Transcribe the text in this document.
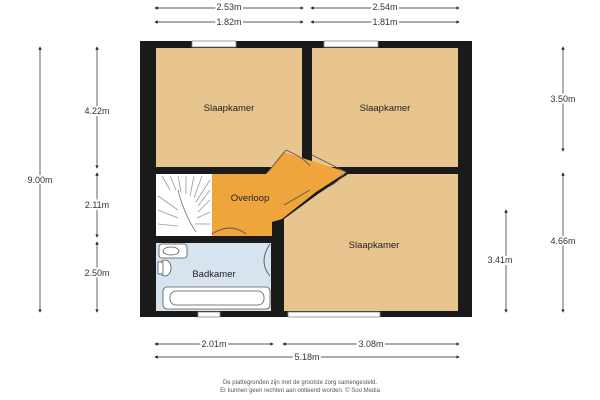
Slaapkamer	Slaapkamer
Slaapkamer
Overloop
Badkamer
2.53m
1.82m
2.54m
1.81m
9.00m
4.22m
2.11m
2.50m
3.50m
4.66m
3.41m
2.01m	3.08m
5.18m
De plattegronden zijn met de grootste zorg samengesteld.
Er kunnen geen rechten aan ontleend worden. © Soo Media
